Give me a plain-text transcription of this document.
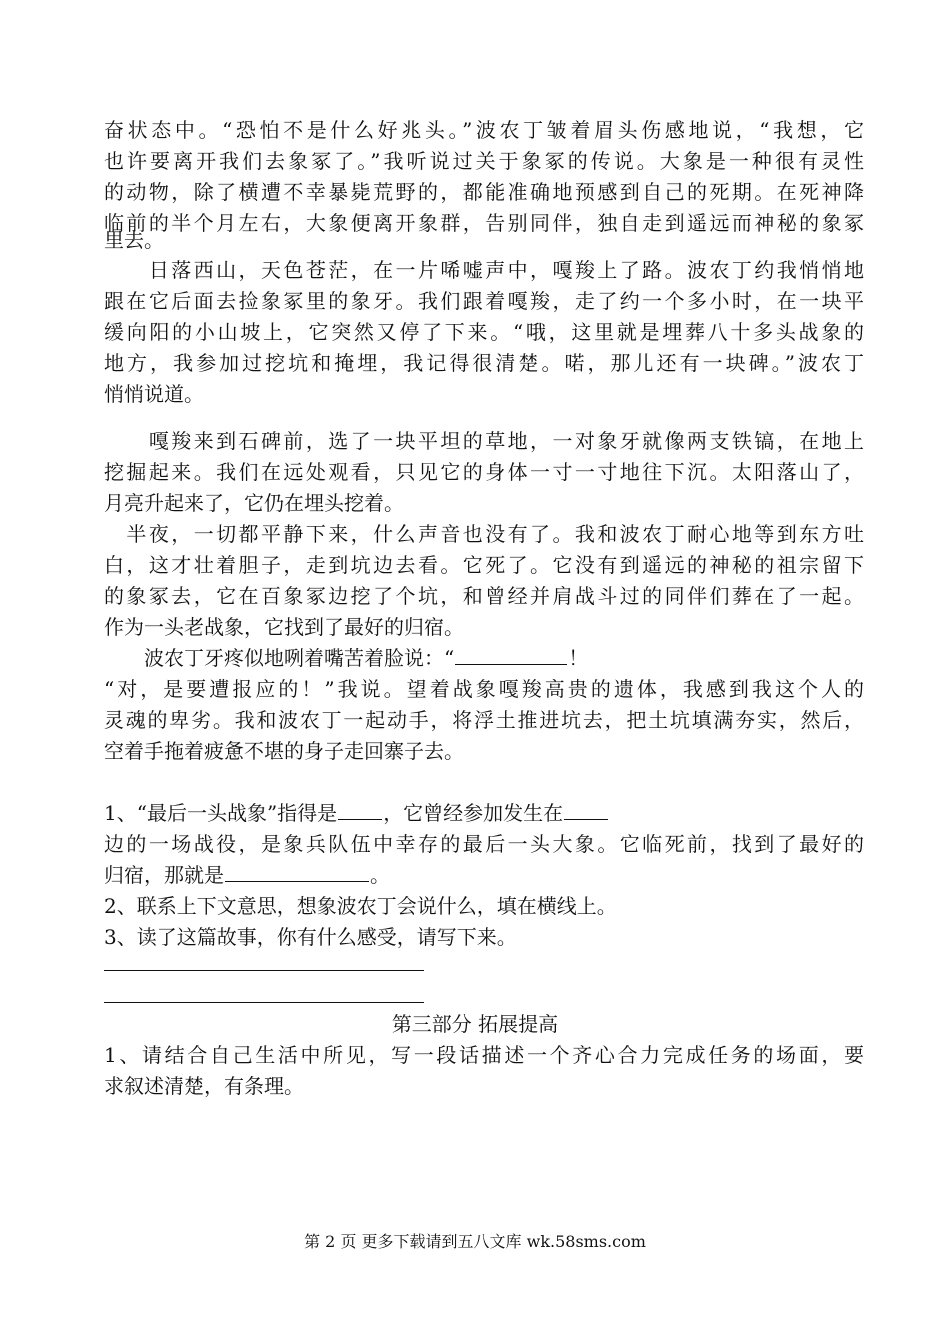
奋状态中。“恐怕不是什么好兆头。”波农丁皱着眉头伤感地说，“我想，它
也许要离开我们去象冢了。”我听说过关于象冢的传说。大象是一种很有灵性
的动物，除了横遭不幸暴毙荒野的，都能准确地预感到自己的死期。在死神降
临前的半个月左右，大象便离开象群，告别同伴，独自走到遥远而神秘的象冢
里去。
　　日落西山，天色苍茫，在一片唏嘘声中，嘎羧上了路。波农丁约我悄悄地
跟在它后面去捡象冢里的象牙。我们跟着嘎羧，走了约一个多小时，在一块平
缓向阳的小山坡上，它突然又停了下来。“哦，这里就是埋葬八十多头战象的
地方，我参加过挖坑和掩埋，我记得很清楚。喏，那儿还有一块碑。”波农丁
悄悄说道。
　　嘎羧来到石碑前，选了一块平坦的草地，一对象牙就像两支铁镐，在地上
挖掘起来。我们在远处观看，只见它的身体一寸一寸地往下沉。太阳落山了，
月亮升起来了，它仍在埋头挖着。
　半夜，一切都平静下来，什么声音也没有了。我和波农丁耐心地等到东方吐
白，这才壮着胆子，走到坑边去看。它死了。它没有到遥远的神秘的祖宗留下
的象冢去，它在百象冢边挖了个坑，和曾经并肩战斗过的同伴们葬在了一起。
作为一头老战象，它找到了最好的归宿。
　　波农丁牙疼似地咧着嘴苦着脸说：“	！
“对，是要遭报应的！”我说。望着战象嘎羧高贵的遗体，我感到我这个人的
灵魂的卑劣。我和波农丁一起动手，将浮土推进坑去，把土坑填满夯实，然后，
空着手拖着疲惫不堪的身子走回寨子去。
1、“最后一头战象”指得是 ，它曾经参加发生在
边的一场战役，是象兵队伍中幸存的最后一头大象。它临死前，找到了最好的
归宿，那就是	。
2、联系上下文意思，想象波农丁会说什么，填在横线上。
3、读了这篇故事，你有什么感受，请写下来。
第三部分 拓展提高
1、请结合自己生活中所见，写一段话描述一个齐心合力完成任务的场面，要
求叙述清楚，有条理。
第 2 页 更多下载请到五八文库 wk.58sms.com
